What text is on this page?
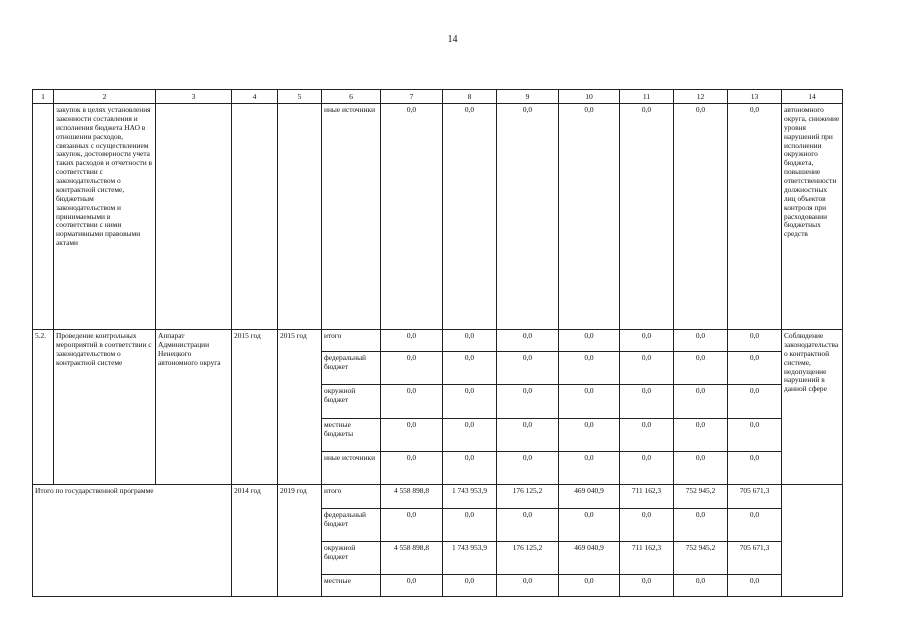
14
1	2	3	4	5	6	7	8	9	10	11	12	13	14
	закупок в целях установления законности составления и исполнения бюджета НАО в отношении расходов, связанных с осуществлением закупок, достоверности учета таких расходов и отчетности в соответствии с законодательством о контрактной системе, бюджетным законодательством и принимаемыми в соответствии с ними нормативными правовыми актами				иные источники	0,0	0,0	0,0	0,0	0,0	0,0	0,0	автономного округа, снижение уровня нарушений при исполнении окружного бюджета, повышение ответственности должностных лиц объектов контроля при расходовании бюджетных средств
5.2.	Проведение контрольных мероприятий в соответствии с законодательством о контрактной системе	Аппарат Администрации Ненецкого автономного округа	2015 год	2015 год	итого	0,0	0,0	0,0	0,0	0,0	0,0	0,0	Соблюдение законодательства о контрактной системе, недопущение нарушений в данной сфере
					федеральный бюджет	0,0	0,0	0,0	0,0	0,0	0,0	0,0	
					окружной бюджет	0,0	0,0	0,0	0,0	0,0	0,0	0,0	
					местные бюджеты	0,0	0,0	0,0	0,0	0,0	0,0	0,0	
					иные источники	0,0	0,0	0,0	0,0	0,0	0,0	0,0	
Итого по государственной программе			2014 год	2019 год	итого	4 558 898,8	1 743 953,9	176 125,2	469 040,9	711 162,3	752 945,2	705 671,3	
					федеральный бюджет	0,0	0,0	0,0	0,0	0,0	0,0	0,0	
					окружной бюджет	4 558 898,8	1 743 953,9	176 125,2	469 040,9	711 162,3	752 945,2	705 671,3	
					местные	0,0	0,0	0,0	0,0	0,0	0,0	0,0	
